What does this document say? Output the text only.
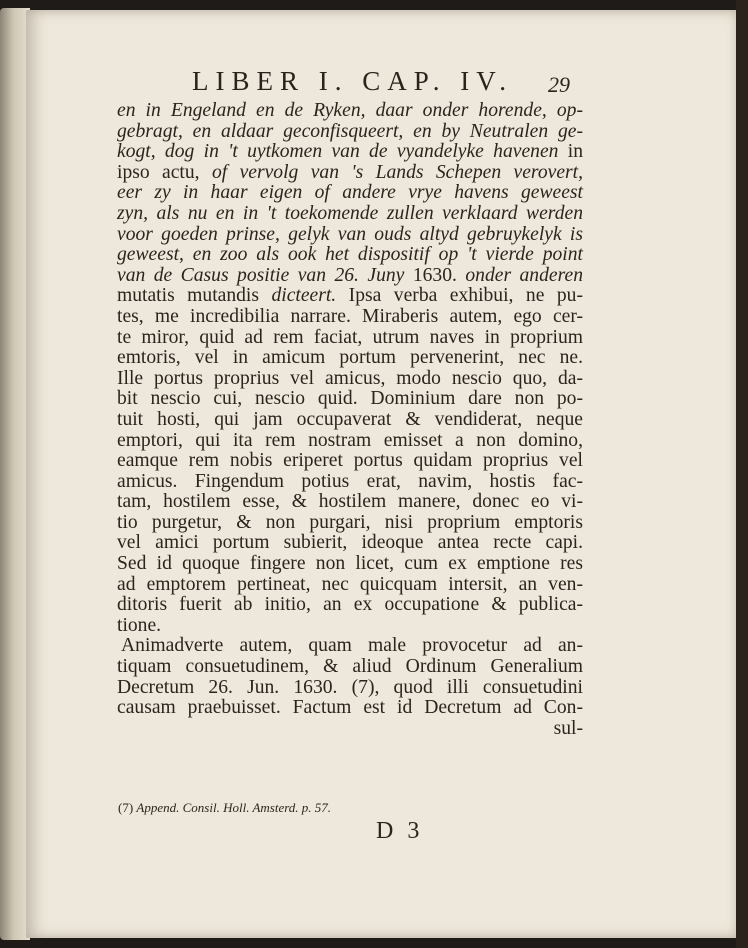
LIBER I. CAP. IV. 29
en in Engeland en de Ryken, daar onder horende, op-
gebragt, en aldaar geconfisqueert, en by Neutralen ge-
kogt, dog in 't uytkomen van de vyandelyke havenen in
ipso actu, of vervolg van 's Lands Schepen verovert,
eer zy in haar eigen of andere vrye havens geweest
zyn, als nu en in 't toekomende zullen verklaard werden
voor goeden prinse, gelyk van ouds altyd gebruykelyk is
geweest, en zoo als ook het dispositif op 't vierde point
van de Casus positie van 26. Juny 1630. onder anderen
mutatis mutandis dicteert. Ipsa verba exhibui, ne pu-
tes, me incredibilia narrare. Miraberis autem, ego cer-
te miror, quid ad rem faciat, utrum naves in proprium
emtoris, vel in amicum portum pervenerint, nec ne.
Ille portus proprius vel amicus, modo nescio quo, da-
bit nescio cui, nescio quid. Dominium dare non po-
tuit hosti, qui jam occupaverat & vendiderat, neque
emptori, qui ita rem nostram emisset a non domino,
eamque rem nobis eriperet portus quidam proprius vel
amicus. Fingendum potius erat, navim, hostis fac-
tam, hostilem esse, & hostilem manere, donec eo vi-
tio purgetur, & non purgari, nisi proprium emptoris
vel amici portum subierit, ideoque antea recte capi.
Sed id quoque fingere non licet, cum ex emptione res
ad emptorem pertineat, nec quicquam intersit, an ven-
ditoris fuerit ab initio, an ex occupatione & publica-
tione.
Animadverte autem, quam male provocetur ad an-
tiquam consuetudinem, & aliud Ordinum Generalium
Decretum 26. Jun. 1630. (7), quod illi consuetudini
causam praebuisset. Factum est id Decretum ad Con-
sul-
(7) Append. Consil. Holl. Amsterd. p. 57.
D 3
